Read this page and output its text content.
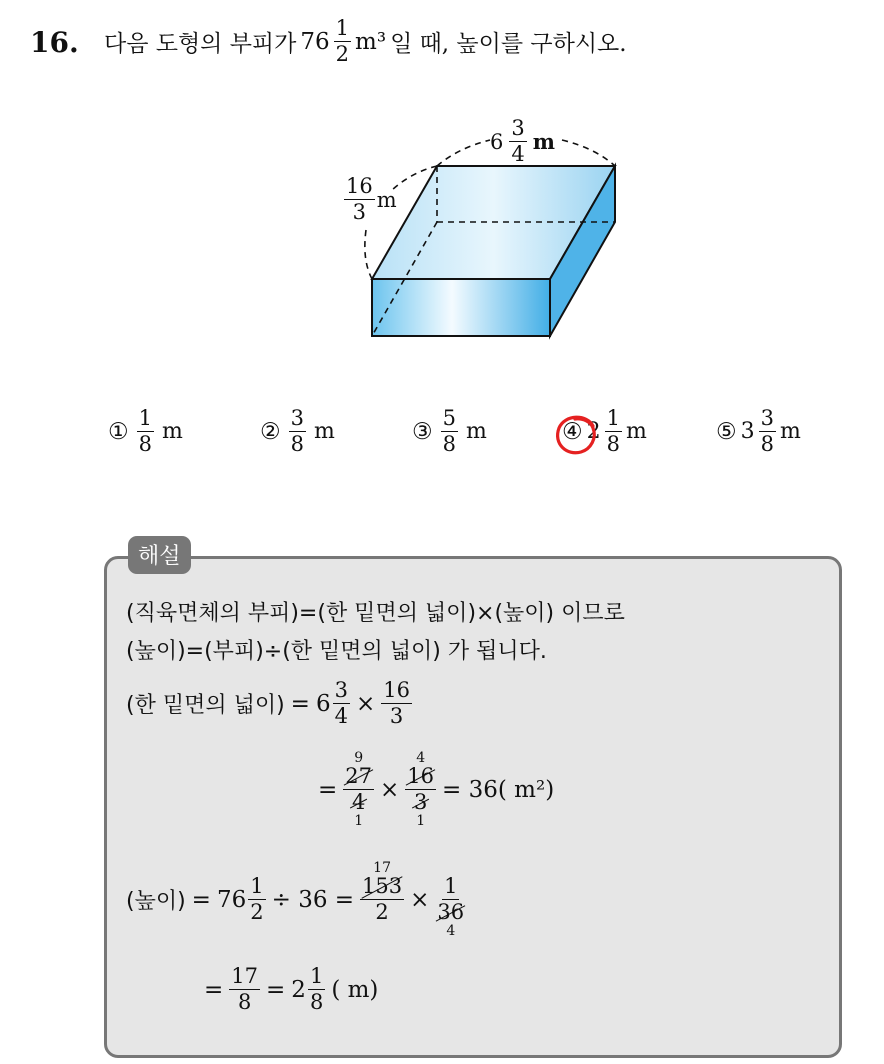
16. 다음 도형의 부피가 $76 \frac{1}{2} m^3$ 일 때, 높이를 구하시오.
$6 \frac{3}{4}$ m
$\frac{16}{3}$ m
① $\frac{1}{8}$ m	② $\frac{3}{8}$ m	③ $\frac{5}{8}$ m	④ $2 \frac{1}{8}$ m	⑤ $3 \frac{3}{8}$ m
해설
(직육면체의 부피)=(한 밑면의 넓이)×(높이) 이므로
(높이)=(부피)÷(한 밑면의 넓이) 가 됩니다.
(한 밑면의 넓이) = $6 \frac{3}{4} \times \frac{16}{3}$
=
9
$\frac{27}{4}$
1
×
4
$\frac{16}{3}$
1
= 36( m²)
(높이) = $76 \frac{1}{2} \div 36$ =
17
$\frac{153}{2} \times \frac{1}{36}$
4
= $\frac{17}{8} = 2 \frac{1}{8}$ ( m)
